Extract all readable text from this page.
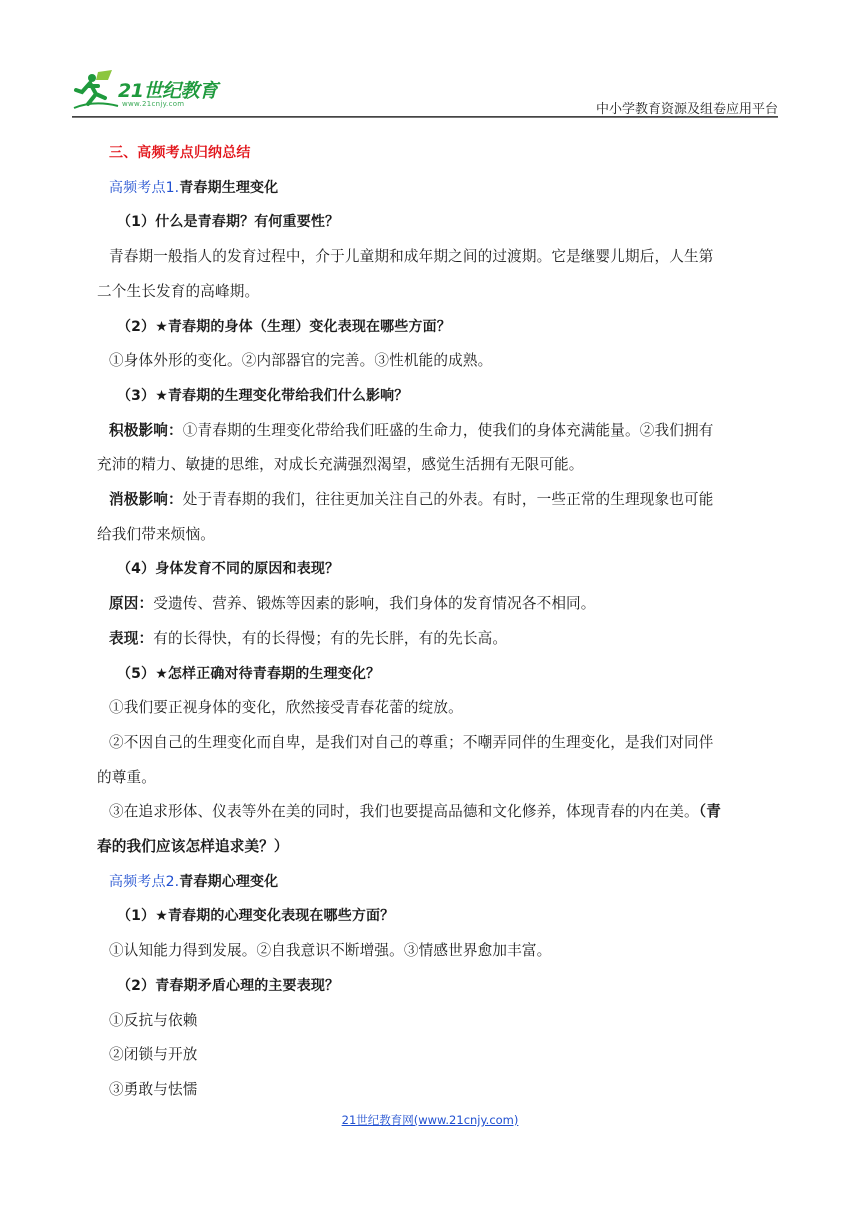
21世纪教育
www.21cnjy.com	中小学教育资源及组卷应用平台

三、高频考点归纳总结

高频考点1.青春期生理变化

（1）什么是青春期？有何重要性？

青春期一般指人的发育过程中，介于儿童期和成年期之间的过渡期。它是继婴儿期后，人生第

二个生长发育的高峰期。

（2）★青春期的身体（生理）变化表现在哪些方面？

①身体外形的变化。②内部器官的完善。③性机能的成熟。

（3）★青春期的生理变化带给我们什么影响？

积极影响：①青春期的生理变化带给我们旺盛的生命力，使我们的身体充满能量。②我们拥有

充沛的精力、敏捷的思维，对成长充满强烈渴望，感觉生活拥有无限可能。

消极影响：处于青春期的我们，往往更加关注自己的外表。有时，一些正常的生理现象也可能

给我们带来烦恼。

（4）身体发育不同的原因和表现？

原因：受遗传、营养、锻炼等因素的影响，我们身体的发育情况各不相同。

表现：有的长得快，有的长得慢；有的先长胖，有的先长高。

（5）★怎样正确对待青春期的生理变化？

①我们要正视身体的变化，欣然接受青春花蕾的绽放。

②不因自己的生理变化而自卑，是我们对自己的尊重；不嘲弄同伴的生理变化，是我们对同伴

的尊重。

③在追求形体、仪表等外在美的同时，我们也要提高品德和文化修养，体现青春的内在美。（青

春的我们应该怎样追求美？）

高频考点2.青春期心理变化

（1）★青春期的心理变化表现在哪些方面？

①认知能力得到发展。②自我意识不断增强。③情感世界愈加丰富。

（2）青春期矛盾心理的主要表现？

①反抗与依赖

②闭锁与开放

③勇敢与怯懦

21世纪教育网(www.21cnjy.com)
